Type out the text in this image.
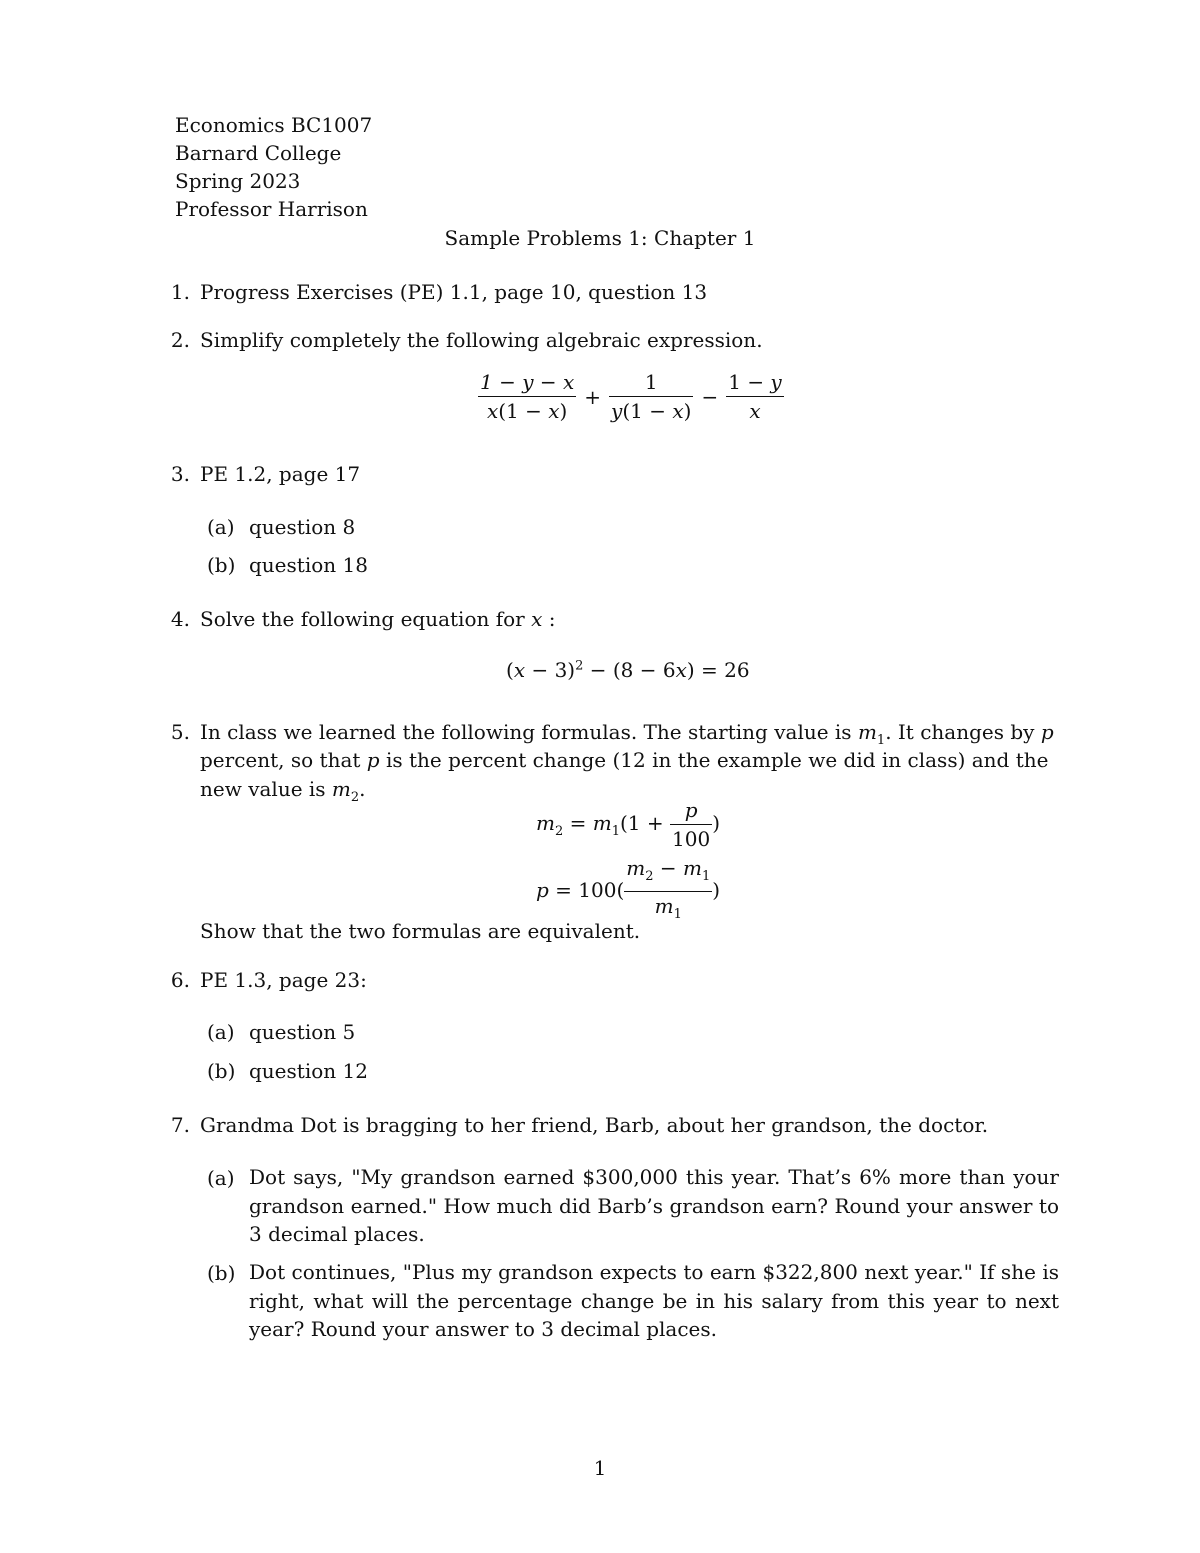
Economics BC1007
Barnard College
Spring 2023
Professor Harrison
Sample Problems 1: Chapter 1
1. Progress Exercises (PE) 1.1, page 10, question 13
2. Simplify completely the following algebraic expression.
$\frac{1 - y - x}{x(1 - x)} + \frac{1}{y(1 - x)} - \frac{1 - y}{x}$
3. PE 1.2, page 17
(a) question 8
(b) question 18
4. Solve the following equation for x :
$(x - 3)^2 - (8 - 6x) = 26$
5. In class we learned the following formulas. The starting value is $m_1$. It changes by p
percent, so that p is the percent change (12 in the example we did in class) and the
new value is $m_2$.
$m_2 = m_1(1 + \frac{p}{100}$ )
$p = 100( \frac{m_2 - m_1}{m_1}$ )
Show that the two formulas are equivalent.
6. PE 1.3, page 23:
(a) question 5
(b) question 12
7. Grandma Dot is bragging to her friend, Barb, about her grandson, the doctor.
(a) Dot says, "My grandson earned $300,000 this year. That’s 6% more than your grandson earned." How much did Barb’s grandson earn? Round your answer to 3 decimal places.
(b) Dot continues, "Plus my grandson expects to earn $322,800 next year." If she is right, what will the percentage change be in his salary from this year to next year? Round your answer to 3 decimal places.
1
